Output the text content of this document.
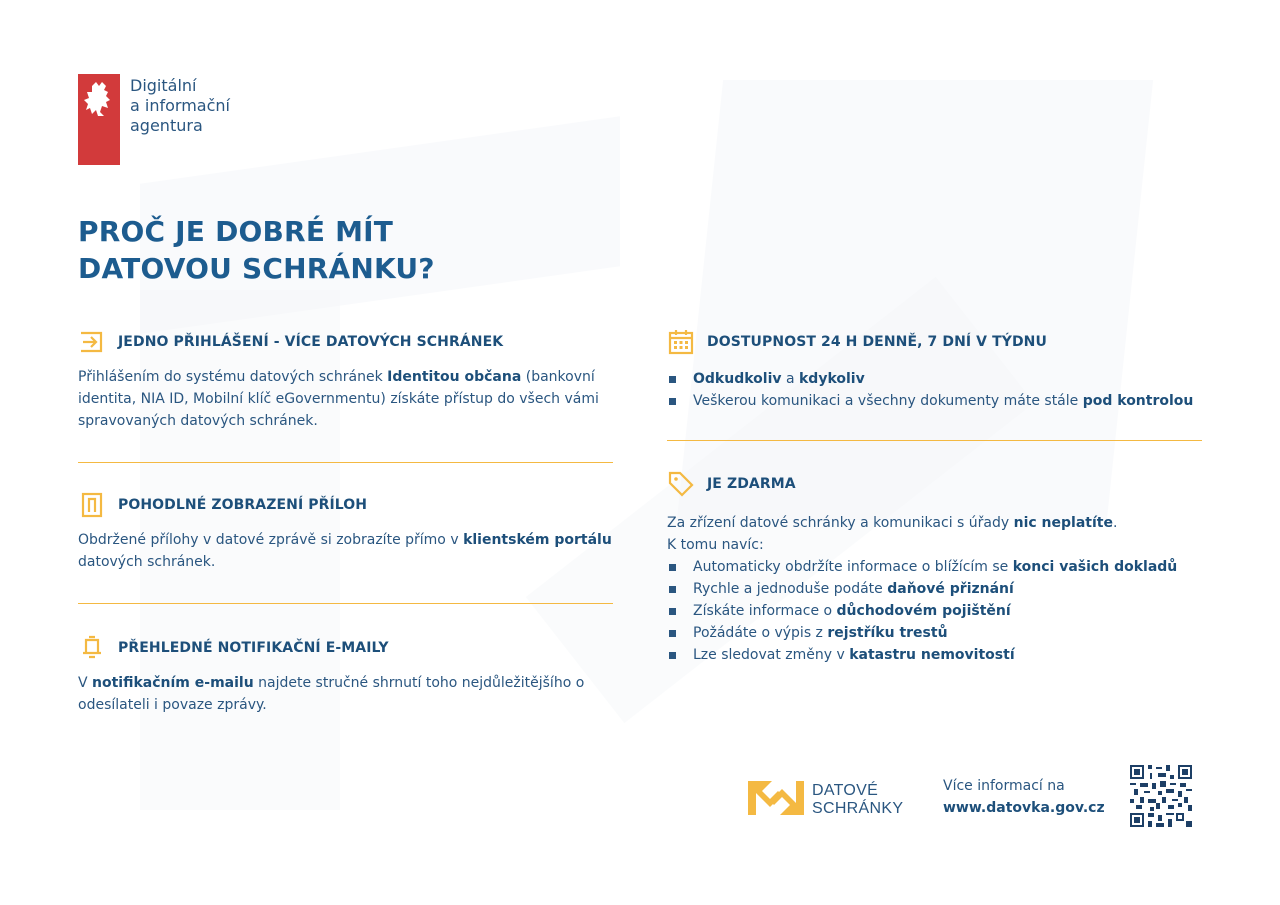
Digitální
a informační
agentura
PROČ JE DOBRÉ MÍT
DATOVOU SCHRÁNKU?
JEDNO PŘIHLÁŠENÍ - VÍCE DATOVÝCH SCHRÁNEK
Přihlášením do systému datových schránek Identitou občana (bankovní identita, NIA ID, Mobilní klíč eGovernmentu) získáte přístup do všech vámi spravovaných datových schránek.
POHODLNÉ ZOBRAZENÍ PŘÍLOH
Obdržené přílohy v datové zprávě si zobrazíte přímo v klientském portálu datových schránek.
PŘEHLEDNÉ NOTIFIKAČNÍ E-MAILY
V notifikačním e-mailu najdete stručné shrnutí toho nejdůležitějšího o odesílateli i povaze zprávy.
DOSTUPNOST 24 H DENNĚ, 7 DNÍ V TÝDNU
Odkudkoliv a kdykoliv
Veškerou komunikaci a všechny dokumenty máte stále pod kontrolou
JE ZDARMA
Za zřízení datové schránky a komunikaci s úřady nic neplatíte.
K tomu navíc:
Automaticky obdržíte informace o blížícím se konci vašich dokladů
Rychle a jednoduše podáte daňové přiznání
Získáte informace o důchodovém pojištění
Požádáte o výpis z rejstříku trestů
Lze sledovat změny v katastru nemovitostí
DATOVÉ
SCHRÁNKY
Více informací na
www.datovka.gov.cz
